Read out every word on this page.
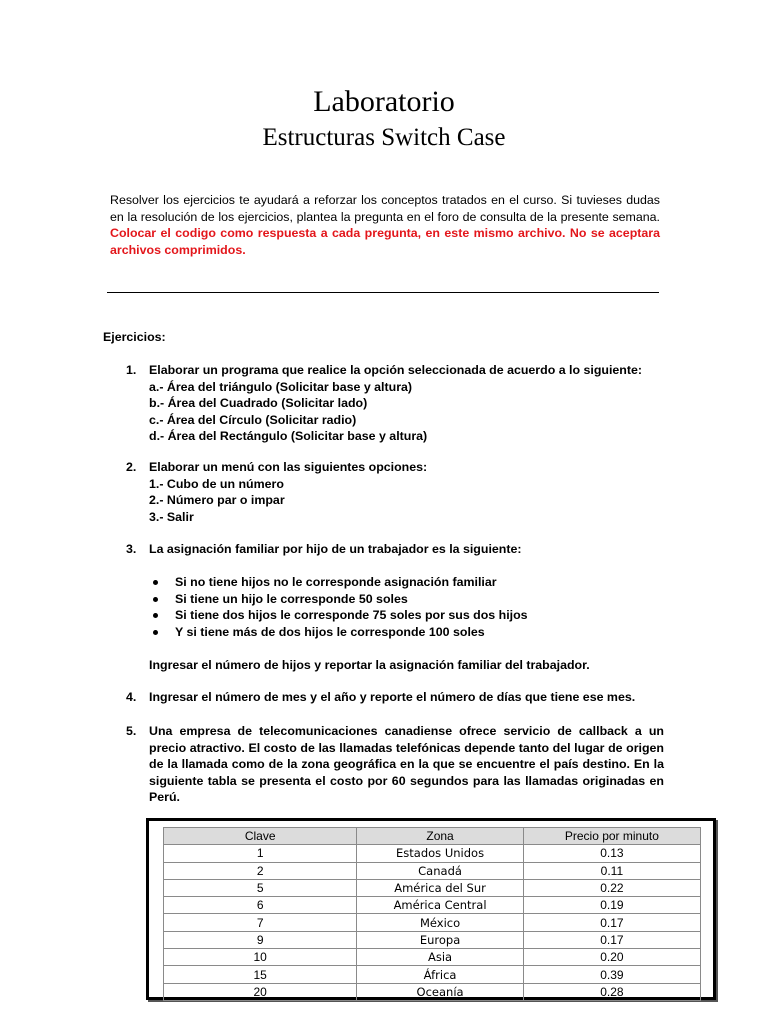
Laboratorio
Estructuras Switch Case
Resolver los ejercicios te ayudará a reforzar los conceptos tratados en el curso. Si tuvieses dudas en la resolución de los ejercicios, plantea la pregunta en el foro de consulta de la presente semana. Colocar el codigo como respuesta a cada pregunta, en este mismo archivo. No se aceptara archivos comprimidos.
Ejercicios:
1.	Elaborar un programa que realice la opción seleccionada de acuerdo a lo siguiente:
a.- Área del triángulo (Solicitar base y altura)
b.- Área del Cuadrado (Solicitar lado)
c.- Área del Círculo (Solicitar radio)
d.- Área del Rectángulo (Solicitar base y altura)
2.	Elaborar un menú con las siguientes opciones:
1.- Cubo de un número
2.- Número par o impar
3.- Salir
3.	La asignación familiar por hijo de un trabajador es la siguiente:
Si no tiene hijos no le corresponde asignación familiar
Si tiene un hijo le corresponde 50 soles
Si tiene dos hijos le corresponde 75 soles por sus dos hijos
Y si tiene más de dos hijos le corresponde 100 soles
Ingresar el número de hijos y reportar la asignación familiar del trabajador.
4.	Ingresar el número de mes y el año y reporte el número de días que tiene ese mes.
5.	Una empresa de telecomunicaciones canadiense ofrece servicio de callback a un precio atractivo. El costo de las llamadas telefónicas depende tanto del lugar de origen de la llamada como de la zona geográfica en la que se encuentre el país destino. En la siguiente tabla se presenta el costo por 60 segundos para las llamadas originadas en Perú.
Clave	Zona	Precio por minuto
1	Estados Unidos	0.13
2	Canadá	0.11
5	América del Sur	0.22
6	América Central	0.19
7	México	0.17
9	Europa	0.17
10	Asia	0.20
15	África	0.39
20	Oceanía	0.28
